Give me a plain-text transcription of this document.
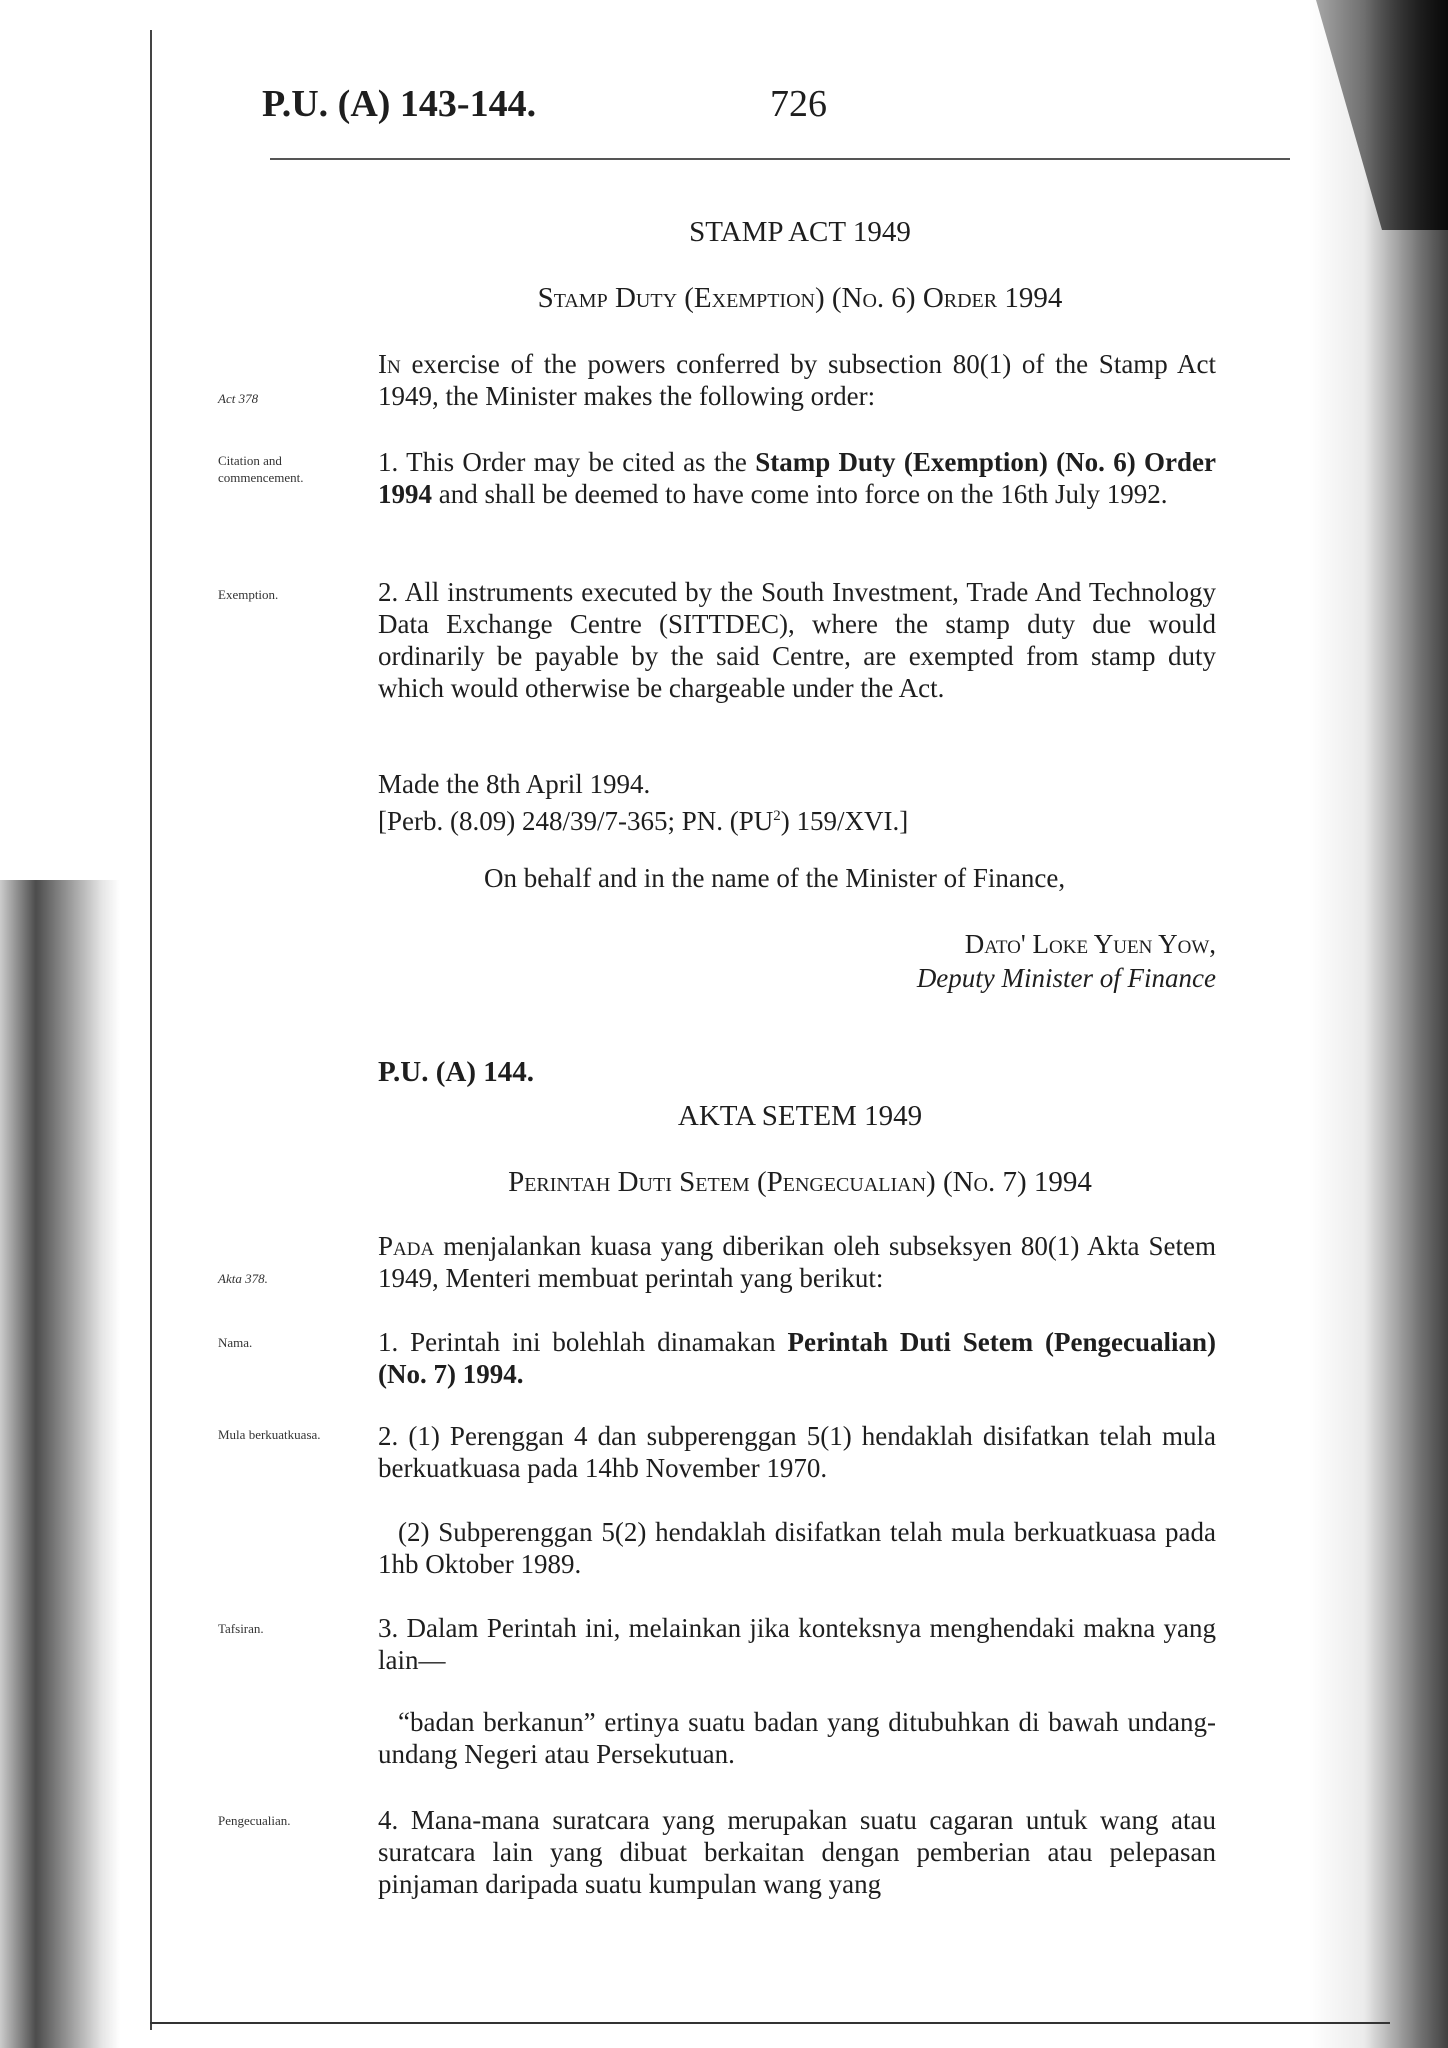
P.U. (A) 143-144.	726
STAMP ACT 1949
Stamp Duty (Exemption) (No. 6) Order 1994
Act 378
In exercise of the powers conferred by subsection 80(1) of the Stamp Act 1949, the Minister makes the following order:
Citation and commencement.
1. This Order may be cited as the Stamp Duty (Exemption) (No. 6) Order 1994 and shall be deemed to have come into force on the 16th July 1992.
Exemption.	2. All instruments executed by the South Investment, Trade And Technology Data Exchange Centre (SITTDEC), where the stamp duty due would ordinarily be payable by the said Centre, are exempted from stamp duty which would otherwise be chargeable under the Act.
Made the 8th April 1994.
[Perb. (8.09) 248/39/7-365; PN. $(PU^2)$ 159/XVI.]
On behalf and in the name of the Minister of Finance,
Dato' Loke Yuen Yow,
Deputy Minister of Finance
P.U. (A) 144.
AKTA SETEM 1949
Perintah Duti Setem (Pengecualian) (No. 7) 1994
Akta 378.
Pada menjalankan kuasa yang diberikan oleh subseksyen 80(1) Akta Setem 1949, Menteri membuat perintah yang berikut:
Nama.	1. Perintah ini bolehlah dinamakan Perintah Duti Setem (Pengecualian) (No. 7) 1994.
Mula berkuatkuasa.	2. (1) Perenggan 4 dan subperenggan 5(1) hendaklah disifatkan telah mula berkuatkuasa pada 14hb November 1970.
(2) Subperenggan 5(2) hendaklah disifatkan telah mula berkuatkuasa pada 1hb Oktober 1989.
Tafsiran.	3. Dalam Perintah ini, melainkan jika konteksnya menghendaki makna yang lain—
“badan berkanun” ertinya suatu badan yang ditubuhkan di bawah undang-undang Negeri atau Persekutuan.
Pengecualian.	4. Mana-mana suratcara yang merupakan suatu cagaran untuk wang atau suratcara lain yang dibuat berkaitan dengan pemberian atau pelepasan pinjaman daripada suatu kumpulan wang yang
